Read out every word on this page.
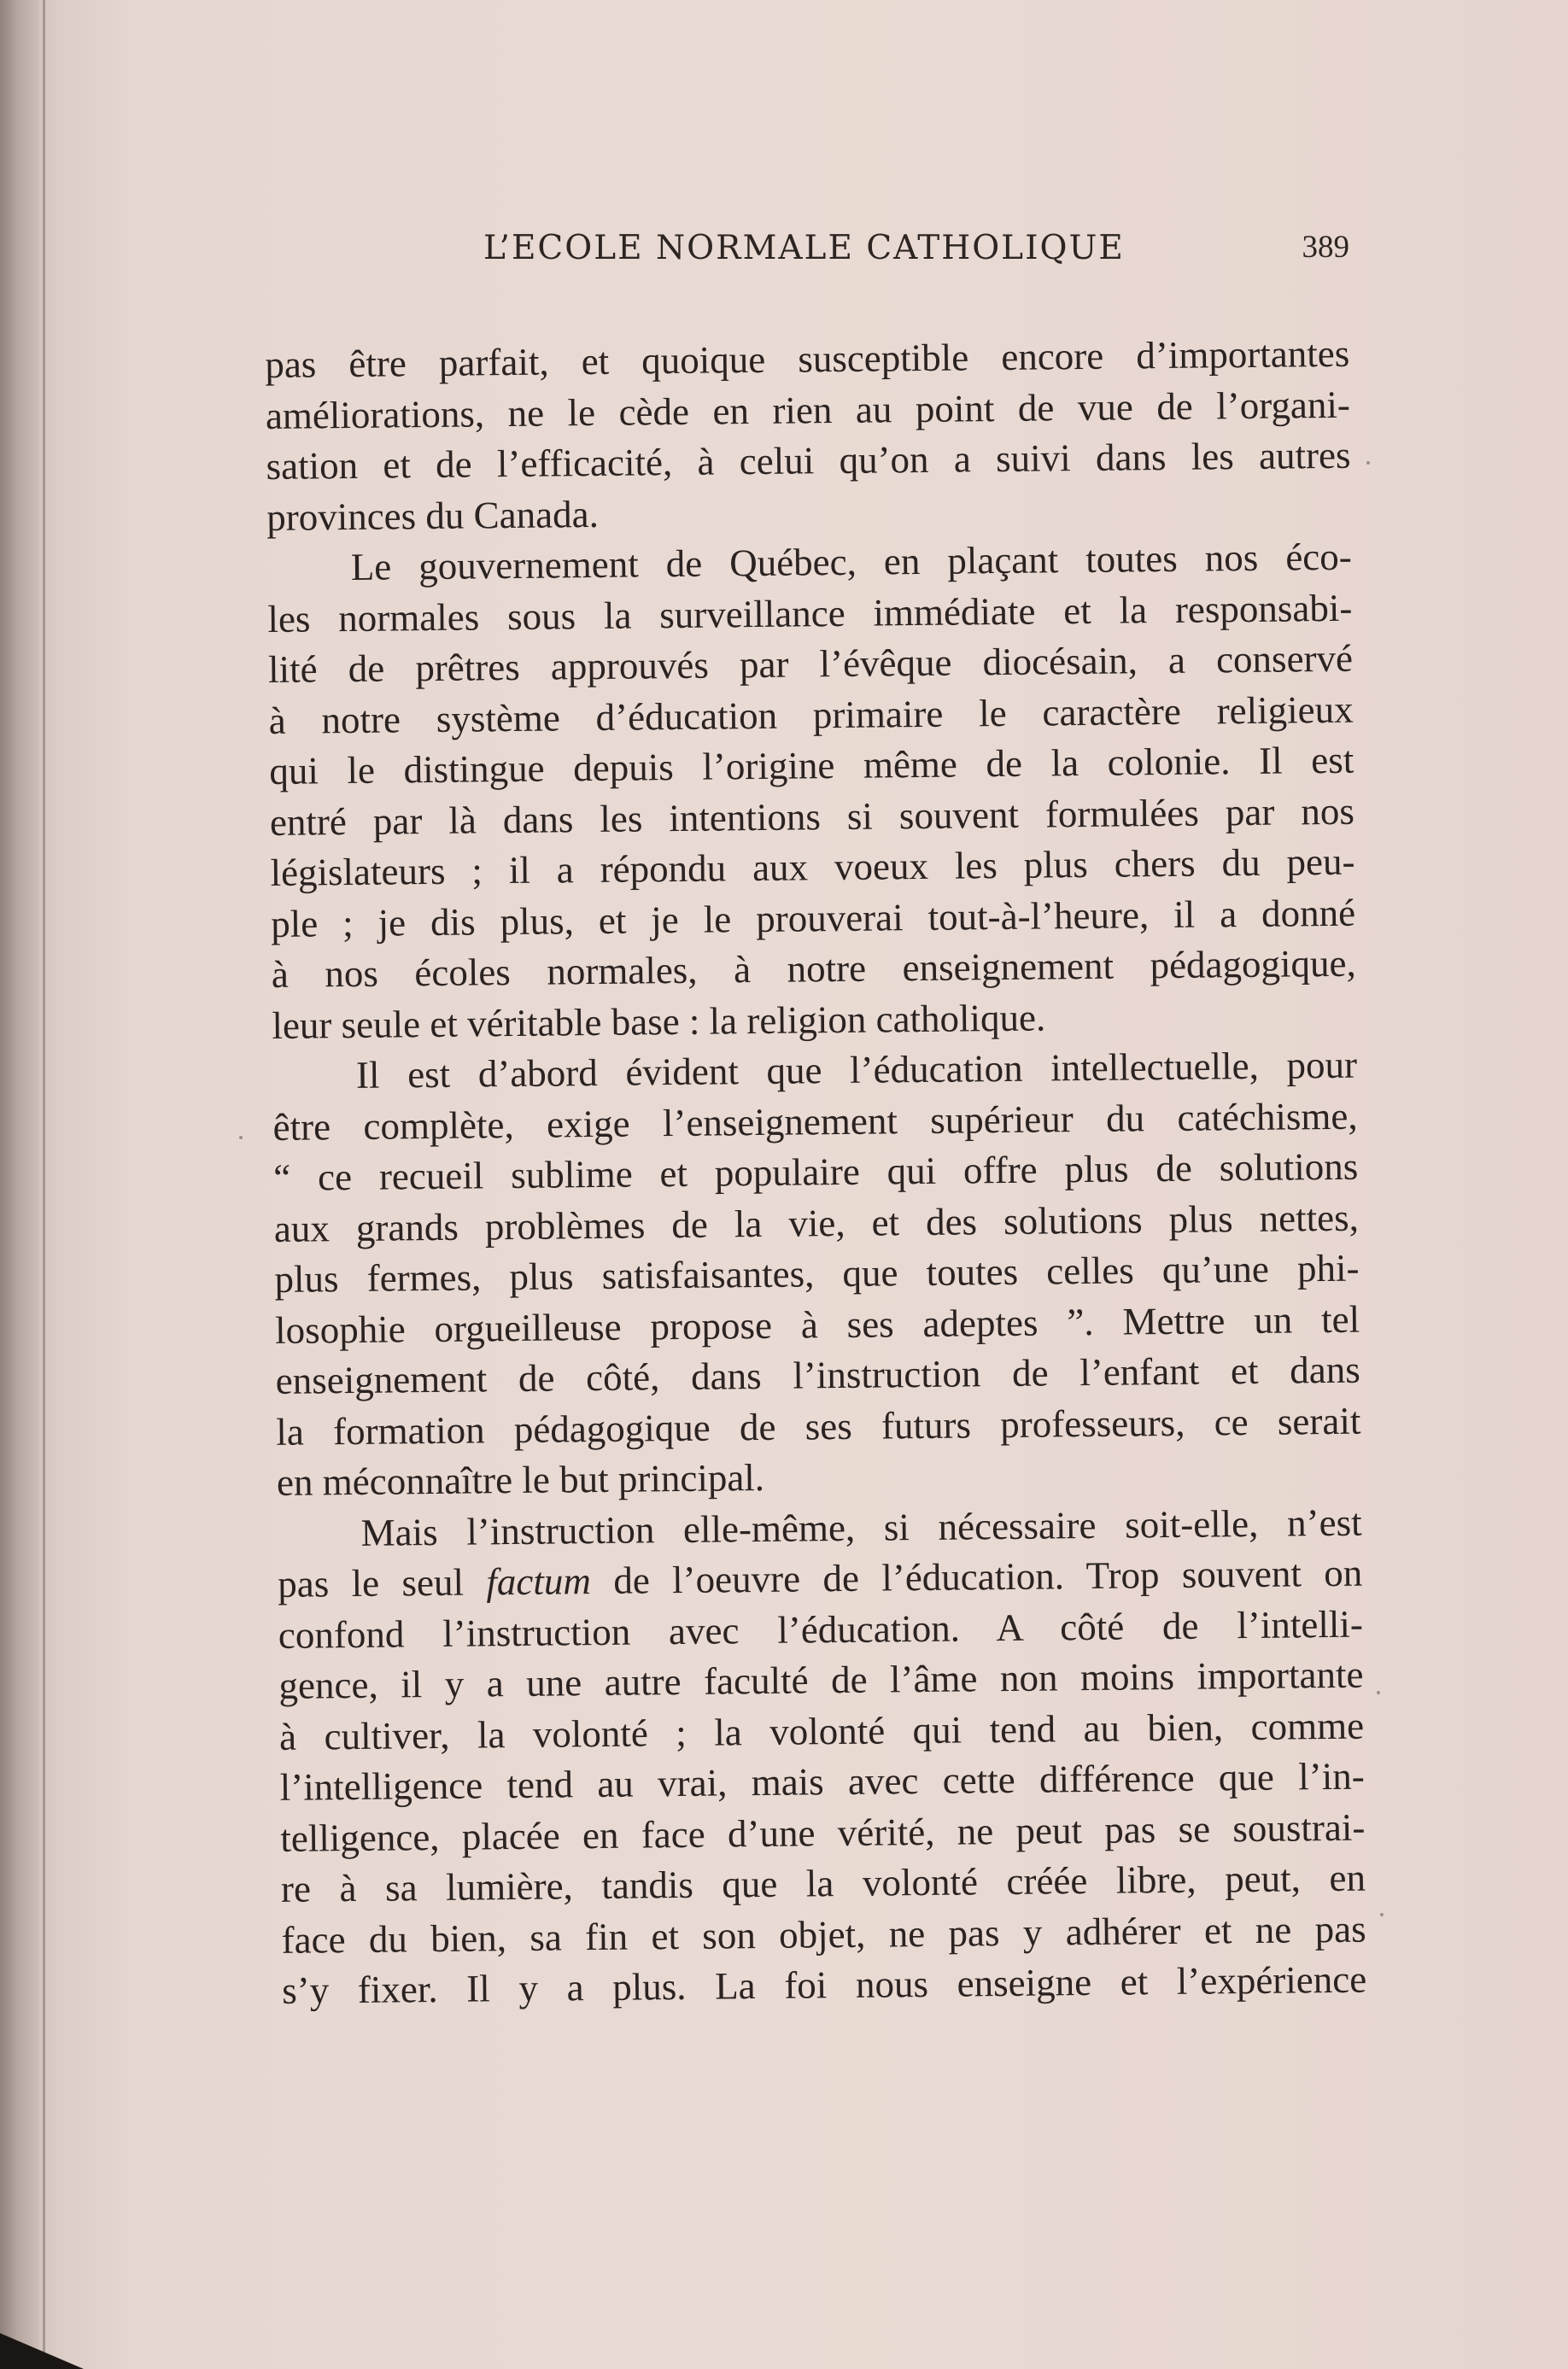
L’ECOLE NORMALE CATHOLIQUE	389
pas être parfait, et quoique susceptible encore d’importantes
améliorations, ne le cède en rien au point de vue de l’organi-
sation et de l’efficacité, à celui qu’on a suivi dans les autres
provinces du Canada.
Le gouvernement de Québec, en plaçant toutes nos éco-
les normales sous la surveillance immédiate et la responsabi-
lité de prêtres approuvés par l’évêque diocésain, a conservé
à notre système d’éducation primaire le caractère religieux
qui le distingue depuis l’origine même de la colonie. Il est
entré par là dans les intentions si souvent formulées par nos
législateurs ; il a répondu aux voeux les plus chers du peu-
ple ; je dis plus, et je le prouverai tout-à-l’heure, il a donné
à nos écoles normales, à notre enseignement pédagogique,
leur seule et véritable base : la religion catholique.
Il est d’abord évident que l’éducation intellectuelle, pour
être complète, exige l’enseignement supérieur du catéchisme,
“ ce recueil sublime et populaire qui offre plus de solutions
aux grands problèmes de la vie, et des solutions plus nettes,
plus fermes, plus satisfaisantes, que toutes celles qu’une phi-
losophie orgueilleuse propose à ses adeptes ”. Mettre un tel
enseignement de côté, dans l’instruction de l’enfant et dans
la formation pédagogique de ses futurs professeurs, ce serait
en méconnaître le but principal.
Mais l’instruction elle-même, si nécessaire soit-elle, n’est
pas le seul factum de l’oeuvre de l’éducation. Trop souvent on
confond l’instruction avec l’éducation. A côté de l’intelli-
gence, il y a une autre faculté de l’âme non moins importante
à cultiver, la volonté ; la volonté qui tend au bien, comme
l’intelligence tend au vrai, mais avec cette différence que l’in-
telligence, placée en face d’une vérité, ne peut pas se soustrai-
re à sa lumière, tandis que la volonté créée libre, peut, en
face du bien, sa fin et son objet, ne pas y adhérer et ne pas
s’y fixer. Il y a plus. La foi nous enseigne et l’expérience
